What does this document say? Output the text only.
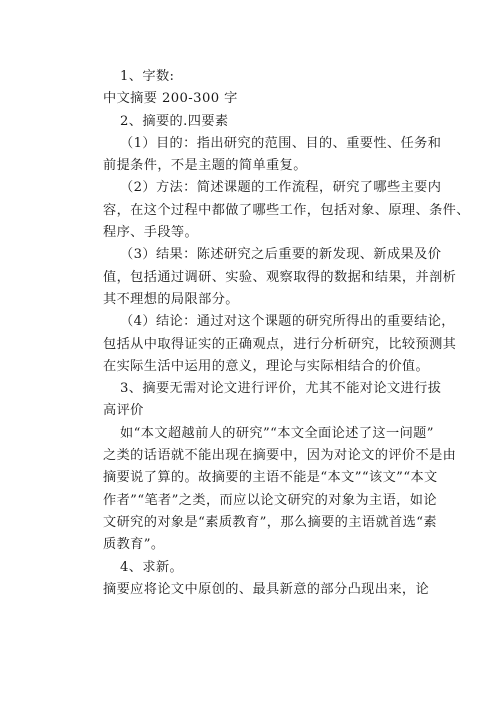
1、字数:
中文摘要 200-300 字
2、摘要的.四要素
（1）目的：指出研究的范围、目的、重要性、任务和
前提条件，不是主题的简单重复。
（2）方法：简述课题的工作流程，研究了哪些主要内
容，在这个过程中都做了哪些工作，包括对象、原理、条件、
程序、手段等。
（3）结果：陈述研究之后重要的新发现、新成果及价
值，包括通过调研、实验、观察取得的数据和结果，并剖析
其不理想的局限部分。
（4）结论：通过对这个课题的研究所得出的重要结论，
包括从中取得证实的正确观点，进行分析研究，比较预测其
在实际生活中运用的意义，理论与实际相结合的价值。
3、摘要无需对论文进行评价，尤其不能对论文进行拔
高评价
如“本文超越前人的研究”“本文全面论述了这一问题”
之类的话语就不能出现在摘要中，因为对论文的评价不是由
摘要说了算的。故摘要的主语不能是“本文”“该文”“本文
作者”“笔者”之类，而应以论文研究的对象为主语，如论
文研究的对象是“素质教育”，那么摘要的主语就首选“素
质教育”。
4、求新。
摘要应将论文中原创的、最具新意的部分凸现出来，论
